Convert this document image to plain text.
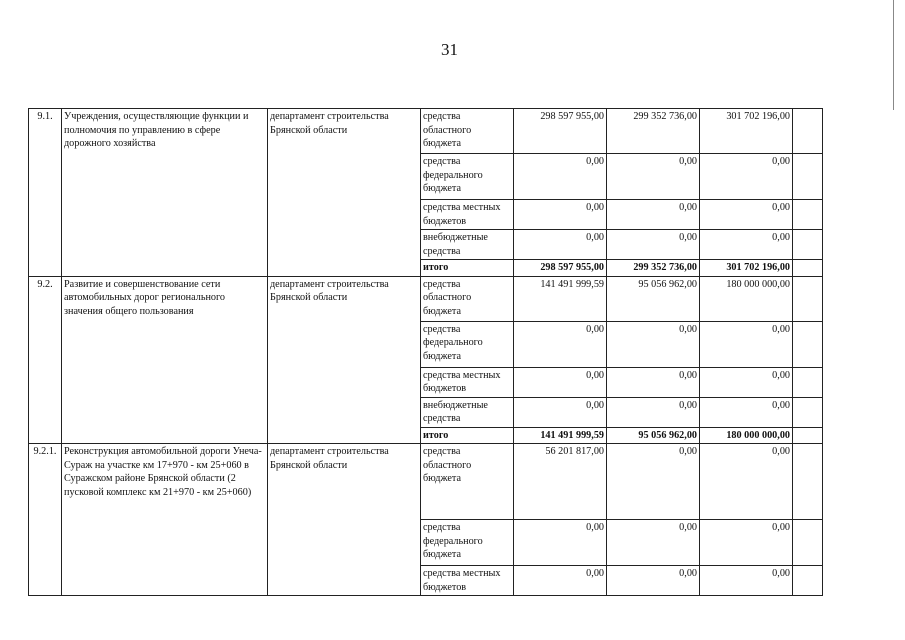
31
9.1.	Учреждения, осуществляющие функции и полномочия по управлению в сфере дорожного хозяйства	департамент строительства Брянской области	средства областного бюджета	298 597 955,00	299 352 736,00	301 702 196,00	
			средства федерального бюджета	0,00	0,00	0,00	
			средства местных бюджетов	0,00	0,00	0,00	
			внебюджетные средства	0,00	0,00	0,00	
			итого	298 597 955,00	299 352 736,00	301 702 196,00	
9.2.	Развитие и совершенствование сети автомобильных дорог регионального значения общего пользования	департамент строительства Брянской области	средства областного бюджета	141 491 999,59	95 056 962,00	180 000 000,00	
			средства федерального бюджета	0,00	0,00	0,00	
			средства местных бюджетов	0,00	0,00	0,00	
			внебюджетные средства	0,00	0,00	0,00	
			итого	141 491 999,59	95 056 962,00	180 000 000,00	
9.2.1.	Реконструкция автомобильной дороги Унеча-Сураж на участке км 17+970 - км 25+060 в Суражском районе Брянской области (2 пусковой комплекс км 21+970 - км 25+060)	департамент строительства Брянской области	средства областного бюджета	56 201 817,00	0,00	0,00	
			средства федерального бюджета	0,00	0,00	0,00	
			средства местных бюджетов	0,00	0,00	0,00	
